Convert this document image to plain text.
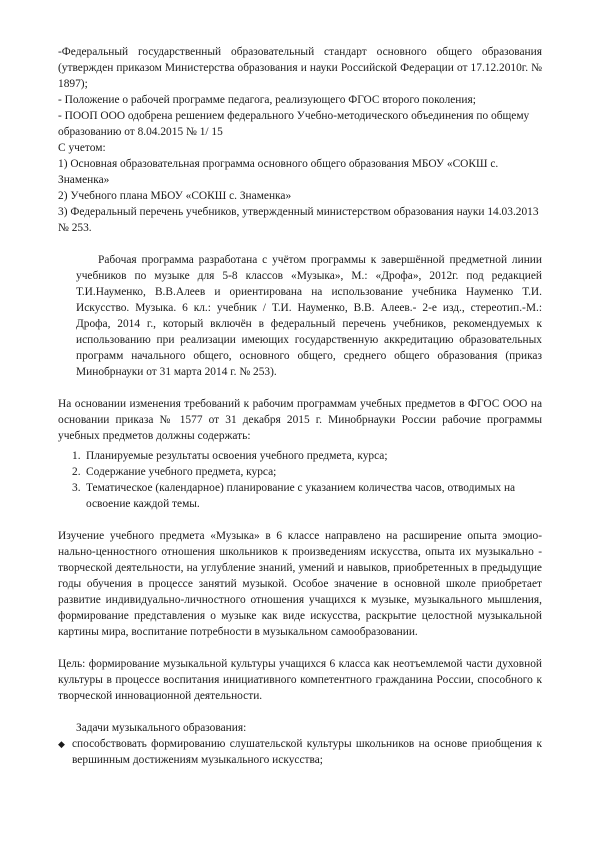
-Федеральный государственный образовательный стандарт основного общего образования (утвержден приказом Министерства образования и науки Российской Федерации от 17.12.2010г. № 1897);

- Положение о рабочей программе педагога, реализующего ФГОС второго поколения;

- ПООП ООО одобрена решением федерального Учебно-методического объединения по общему образованию от 8.04.2015 № 1/ 15

С учетом:

1) Основная образовательная программа основного общего образования МБОУ «СОКШ с. Знаменка»

2) Учебного плана МБОУ «СОКШ с. Знаменка»

3) Федеральный перечень учебников, утвержденный министерством образования науки 14.03.2013 № 253.

Рабочая программа разработана с учётом программы к завершённой предметной линии учебников по музыке для 5-8 классов «Музыка», М.: «Дрофа», 2012г. под редакцией Т.И.Науменко, В.В.Алеев и ориентирована на использование учебника Науменко Т.И. Искусство. Музыка. 6 кл.: учебник / Т.И. Науменко, В.В. Алеев.- 2-е изд., стереотип.-М.: Дрофа, 2014 г., который включён в федеральный перечень учебников, рекомендуемых к использованию при реализации имеющих государственную аккредитацию образовательных программ начального общего, основного общего, среднего общего образования (приказ Минобрнауки от 31 марта 2014 г. № 253).

На основании изменения требований к рабочим программам учебных предметов в ФГОС ООО на основании приказа № 1577 от 31 декабря 2015 г. Минобрнауки России рабочие программы учебных предметов должны содержать:

1. Планируемые результаты освоения учебного предмета, курса;
2. Содержание учебного предмета, курса;
3. Тематическое (календарное) планирование с указанием количества часов, отводимых на освоение каждой темы.

Изучение учебного предмета «Музыка» в 6 классе направлено на расширение опыта эмоцио-нально-ценностного отношения школьников к произведениям искусства, опыта их музыкально - творческой деятельности, на углубление знаний, умений и навыков, приобретенных в предыдущие годы обучения в процессе занятий музыкой. Особое значение в основной школе приобретает развитие индивидуально-личностного отношения учащихся к музыке, музыкального мышления, формирование представления о музыке как виде искусства, раскрытие целостной музыкальной картины мира, воспитание потребности в музыкальном самообразовании.

Цель: формирование музыкальной культуры учащихся 6 класса как неотъемлемой части духовной культуры в процессе воспитания инициативного компетентного гражданина России, способного к творческой инновационной деятельности.

Задачи музыкального образования:

◆ способствовать формированию слушательской культуры школьников на основе приобщения к вершинным достижениям музыкального искусства;
